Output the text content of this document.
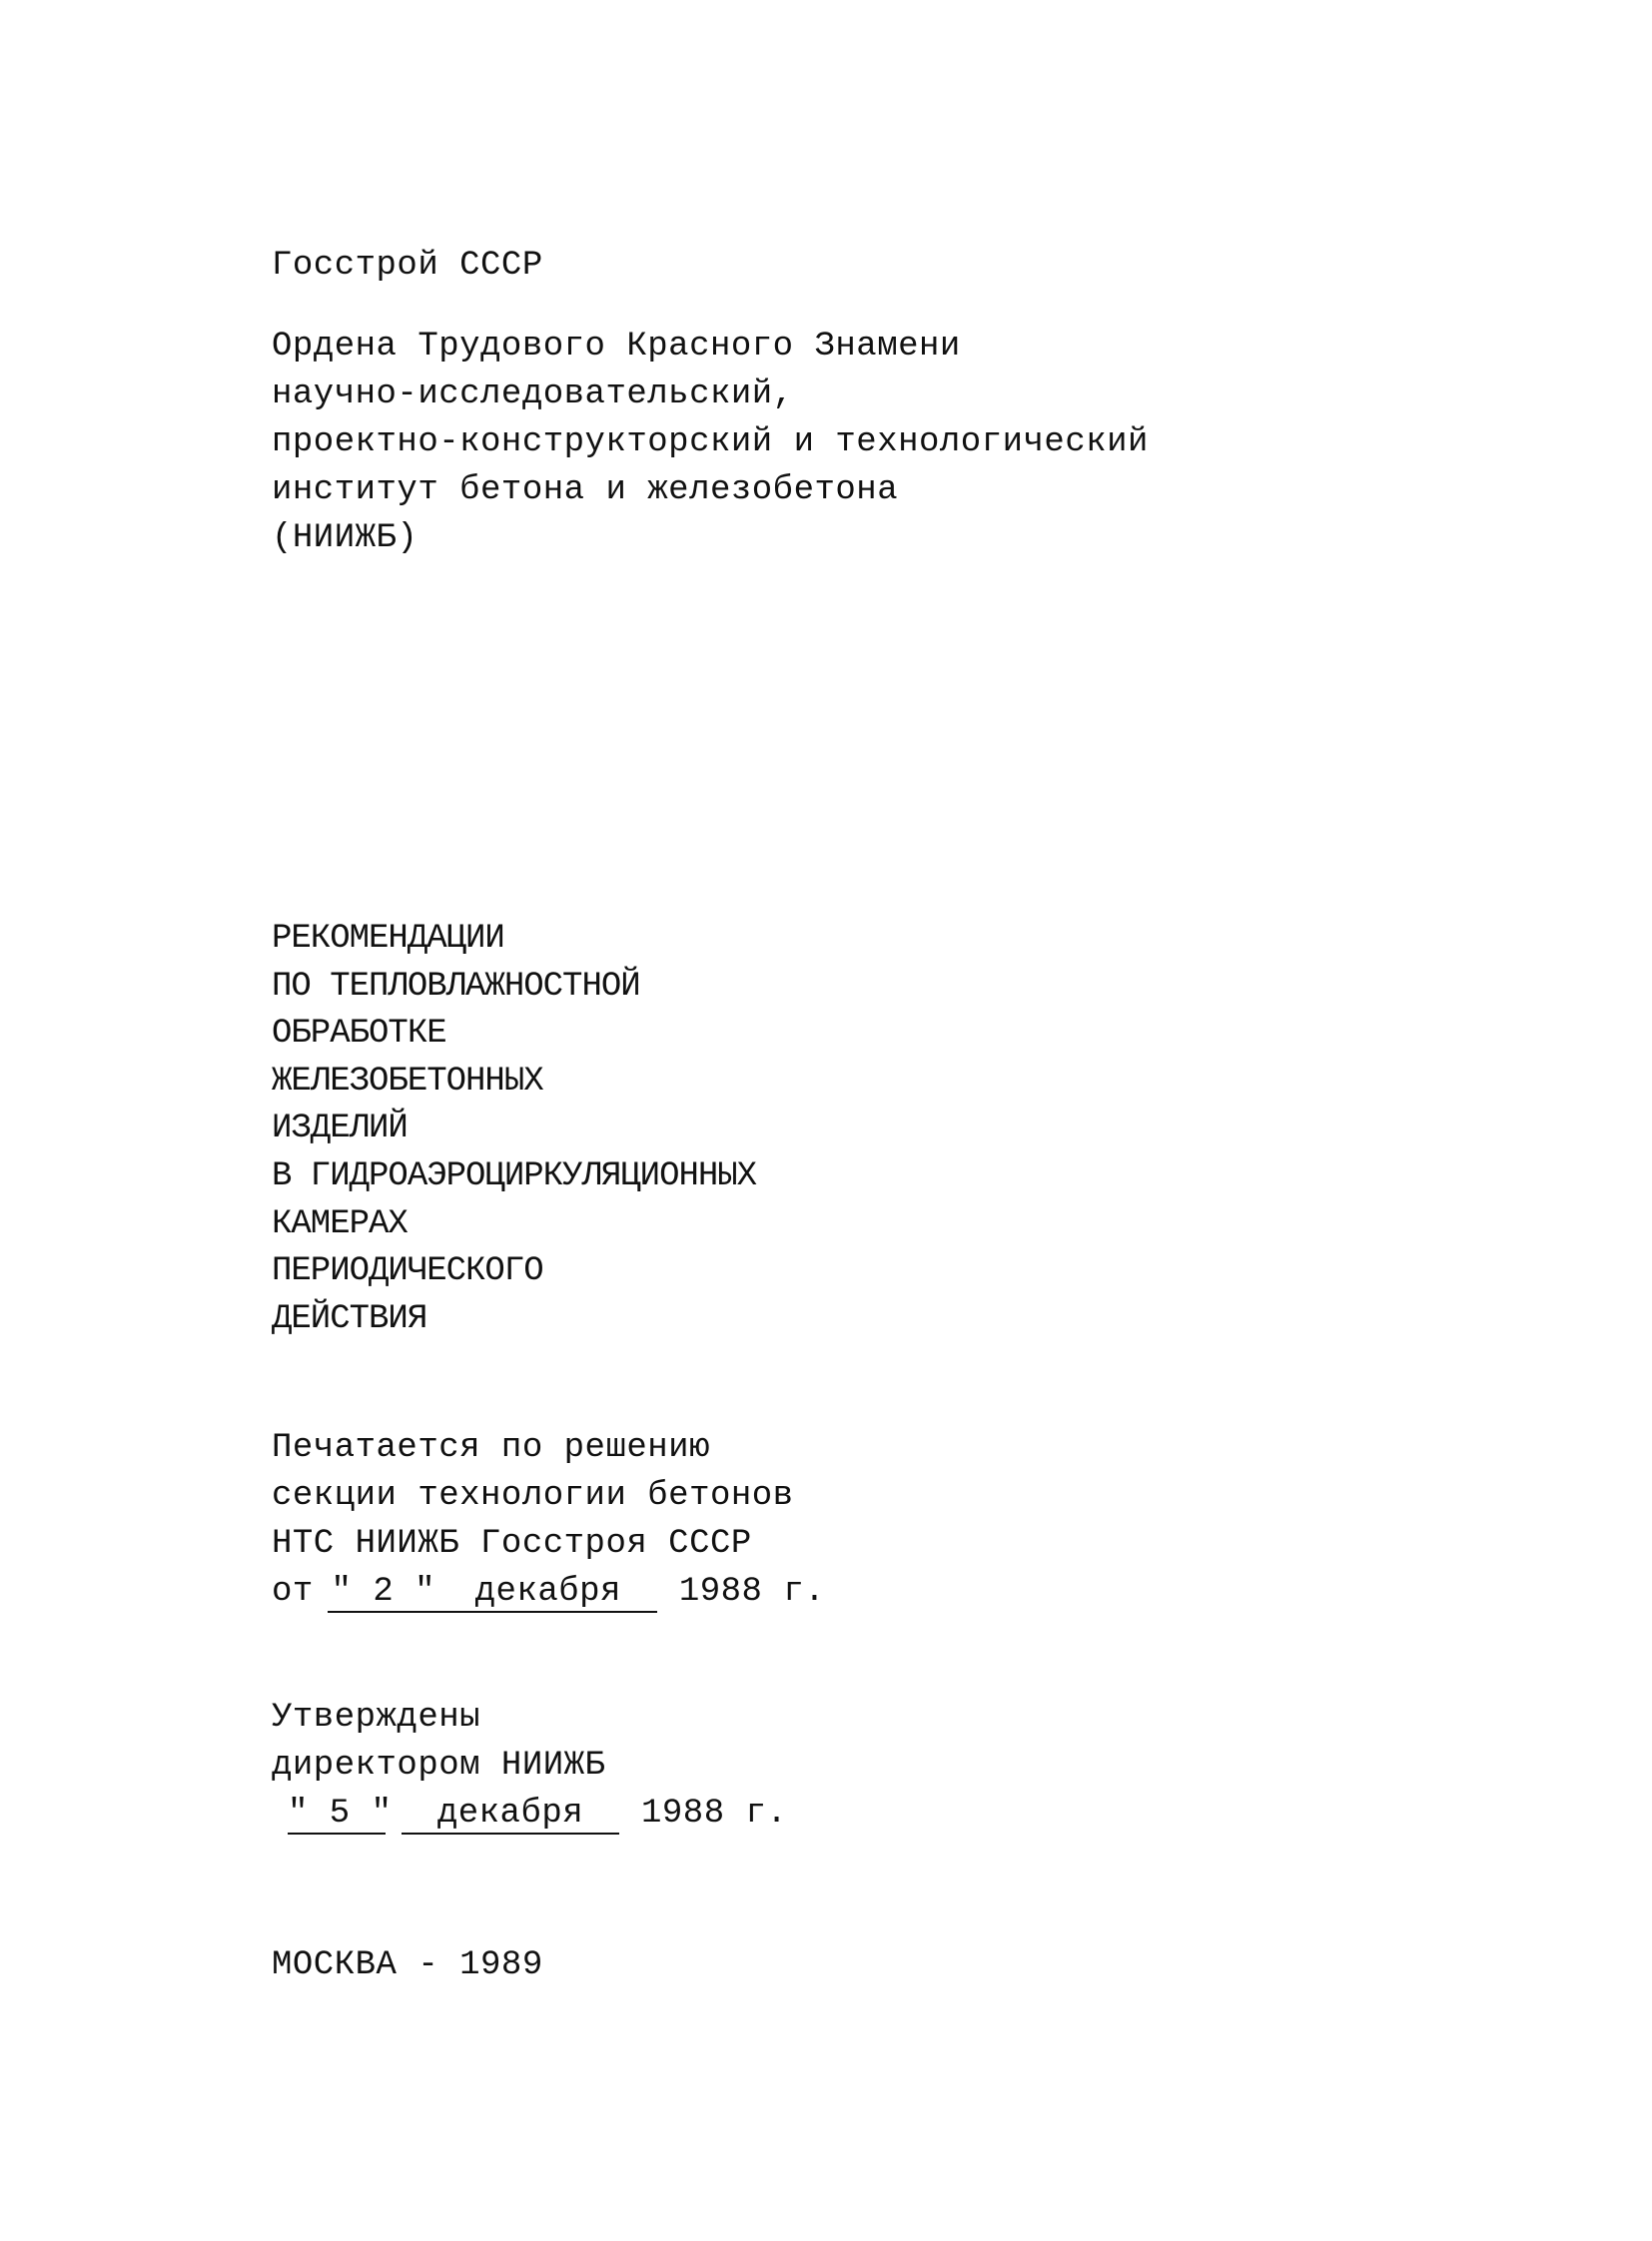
Госстрой СССР
Ордена Трудового Красного Знамени
научно-исследовательский,
проектно-конструкторский и технологический
институт бетона и железобетона
(НИИЖБ)
РЕКОМЕНДАЦИИ
ПО ТЕПЛОВЛАЖНОСТНОЙ
ОБРАБОТКЕ
ЖЕЛЕЗОБЕТОННЫХ
ИЗДЕЛИЙ
В ГИДРОАЭРОЦИРКУЛЯЦИОННЫХ
КАМЕРАХ
ПЕРИОДИЧЕСКОГО
ДЕЙСТВИЯ
Печатается по решению
секции технологии бетонов
НТС НИИЖБ Госстроя СССР
от " 2 " декабря 1988 г.
Утверждены
директором НИИЖБ
" 5 " декабря 1988 г.
МОСКВА - 1989
